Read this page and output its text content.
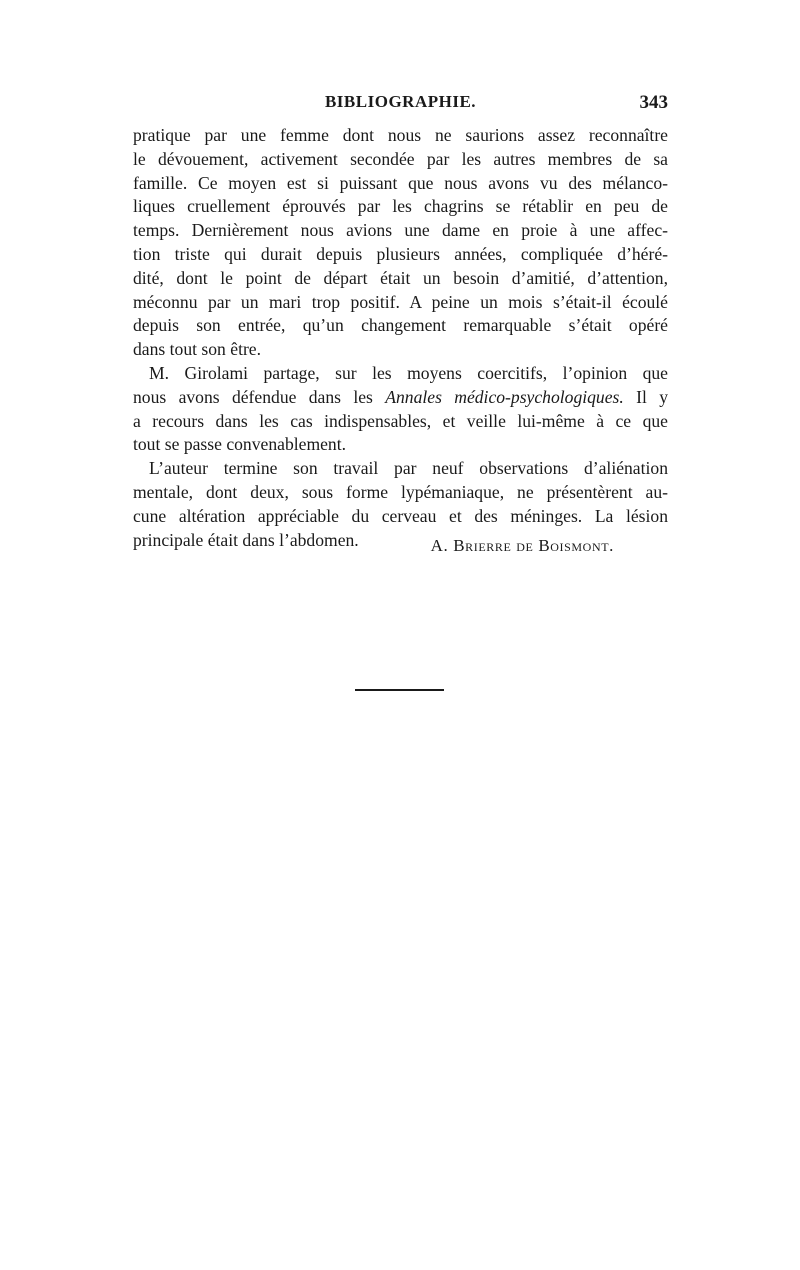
BIBLIOGRAPHIE.	343
pratique par une femme dont nous ne saurions assez reconnaître
le dévouement, activement secondée par les autres membres de sa
famille. Ce moyen est si puissant que nous avons vu des mélanco-
liques cruellement éprouvés par les chagrins se rétablir en peu de
temps. Dernièrement nous avions une dame en proie à une affec-
tion triste qui durait depuis plusieurs années, compliquée d’héré-
dité, dont le point de départ était un besoin d’amitié, d’attention,
méconnu par un mari trop positif. A peine un mois s’était-il écoulé
depuis son entrée, qu’un changement remarquable s’était opéré
dans tout son être.
M. Girolami partage, sur les moyens coercitifs, l’opinion que
nous avons défendue dans les Annales médico-psychologiques. Il y
a recours dans les cas indispensables, et veille lui-même à ce que
tout se passe convenablement.
L’auteur termine son travail par neuf observations d’aliénation
mentale, dont deux, sous forme lypémaniaque, ne présentèrent au-
cune altération appréciable du cerveau et des méninges. La lésion
principale était dans l’abdomen.	A. Brierre de Boismont.
